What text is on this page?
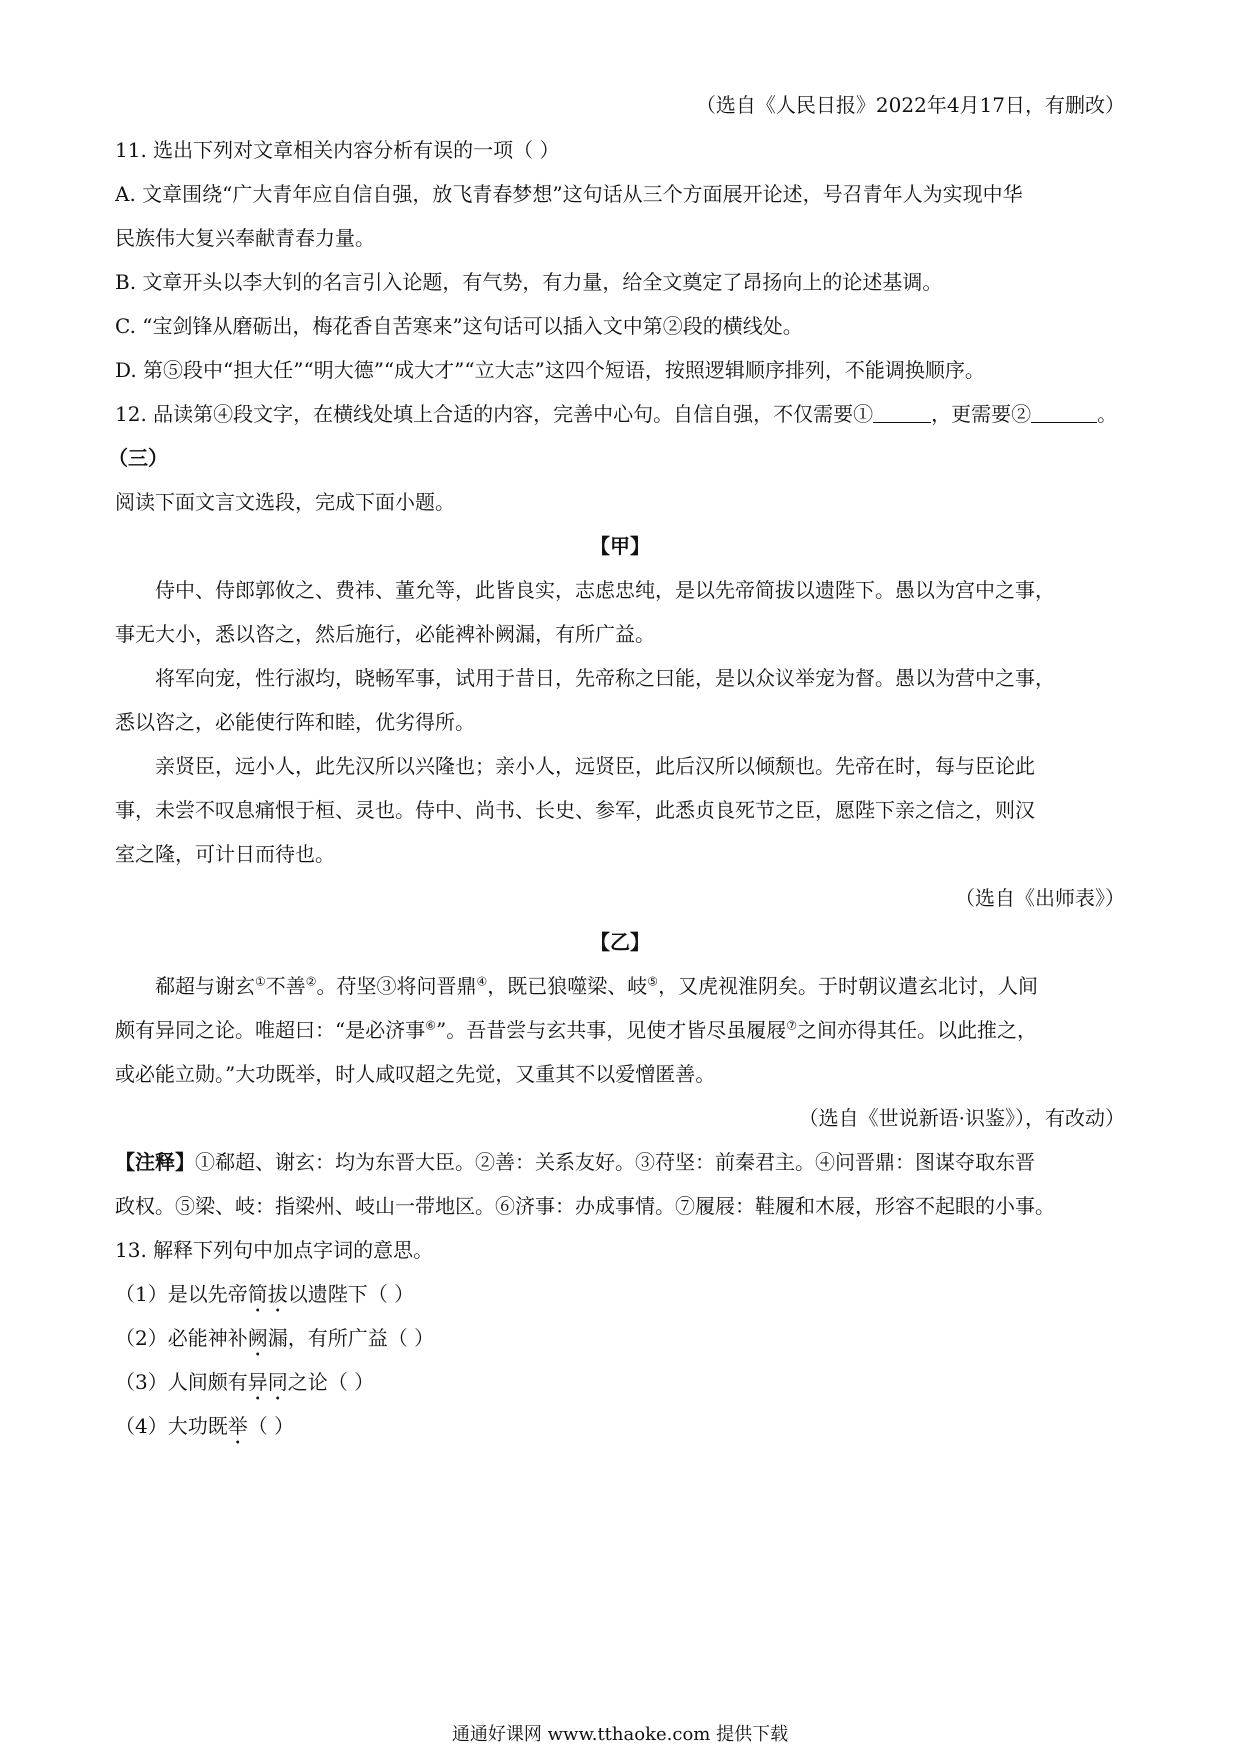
（选自《人民日报》2022年4月17日，有删改）
11. 选出下列对文章相关内容分析有误的一项（ ）
A. 文章围绕“广大青年应自信自强，放飞青春梦想”这句话从三个方面展开论述，号召青年人为实现中华
民族伟大复兴奉献青春力量。
B. 文章开头以李大钊的名言引入论题，有气势，有力量，给全文奠定了昂扬向上的论述基调。
C. “宝剑锋从磨砺出，梅花香自苦寒来”这句话可以插入文中第②段的横线处。
D. 第⑤段中“担大任”“明大德”“成大才”“立大志”这四个短语，按照逻辑顺序排列，不能调换顺序。
12. 品读第④段文字，在横线处填上合适的内容，完善中心句。自信自强，不仅需要①	，更需要②	。
（三）
阅读下面文言文选段，完成下面小题。
【甲】
侍中、侍郎郭攸之、费祎、董允等，此皆良实，志虑忠纯，是以先帝简拔以遗陛下。愚以为宫中之事，
事无大小，悉以咨之，然后施行，必能裨补阙漏，有所广益。
将军向宠，性行淑均，晓畅军事，试用于昔日，先帝称之曰能，是以众议举宠为督。愚以为营中之事，
悉以咨之，必能使行阵和睦，优劣得所。
亲贤臣，远小人，此先汉所以兴隆也；亲小人，远贤臣，此后汉所以倾颓也。先帝在时，每与臣论此
事，未尝不叹息痛恨于桓、灵也。侍中、尚书、长史、参军，此悉贞良死节之臣，愿陛下亲之信之，则汉
室之隆，可计日而待也。
（选自《出师表》）
【乙】
郗超与谢玄①不善②。苻坚③将问晋鼎④，既已狼噬梁、岐⑤，又虎视淮阴矣。于时朝议遣玄北讨，人间
颇有异同之论。唯超曰：“是必济事⑥”。吾昔尝与玄共事，见使才皆尽虽履屐⑦之间亦得其任。以此推之，
或必能立勋。”大功既举，时人咸叹超之先觉，又重其不以爱憎匿善。
（选自《世说新语·识鉴》），有改动）
【注释】①郗超、谢玄：均为东晋大臣。②善：关系友好。③苻坚：前秦君主。④问晋鼎：图谋夺取东晋
政权。⑤梁、岐：指梁州、岐山一带地区。⑥济事：办成事情。⑦履屐：鞋履和木屐，形容不起眼的小事。
13. 解释下列句中加点字词的意思。
（1）是以先帝简拔以遗陛下（ ）
（2）必能神补阙漏，有所广益（ ）
（3）人间颇有异同之论（ ）
（4）大功既举（ ）
通通好课网 www.tthaoke.com 提供下载
